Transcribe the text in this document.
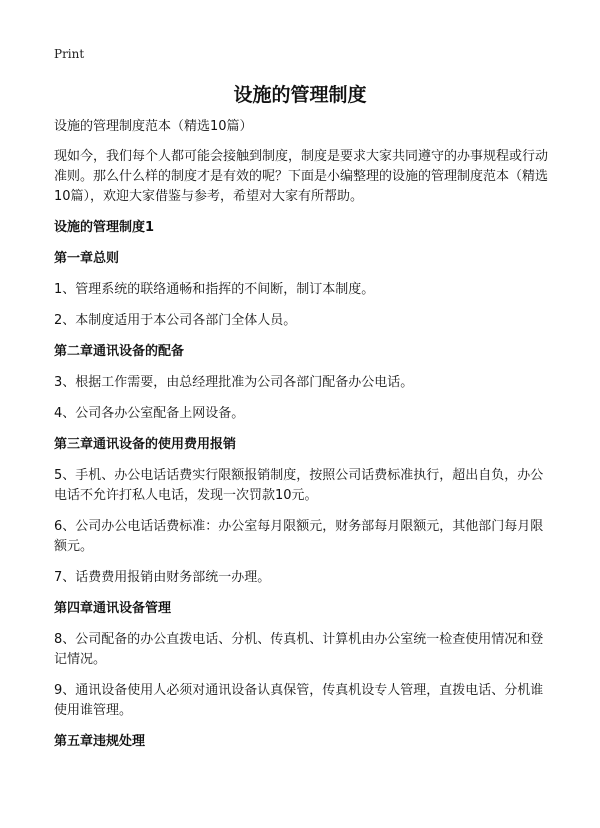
Print
设施的管理制度

设施的管理制度范本（精选10篇）

现如今，我们每个人都可能会接触到制度，制度是要求大家共同遵守的办事规程或行动准则。那么什么样的制度才是有效的呢？下面是小编整理的设施的管理制度范本（精选10篇），欢迎大家借鉴与参考，希望对大家有所帮助。

设施的管理制度1

第一章总则

1、管理系统的联络通畅和指挥的不间断，制订本制度。

2、本制度适用于本公司各部门全体人员。

第二章通讯设备的配备

3、根据工作需要，由总经理批准为公司各部门配备办公电话。

4、公司各办公室配备上网设备。

第三章通讯设备的使用费用报销

5、手机、办公电话话费实行限额报销制度，按照公司话费标准执行，超出自负，办公电话不允许打私人电话，发现一次罚款10元。

6、公司办公电话话费标准：办公室每月限额元，财务部每月限额元，其他部门每月限额元。

7、话费费用报销由财务部统一办理。

第四章通讯设备管理

8、公司配备的办公直拨电话、分机、传真机、计算机由办公室统一检查使用情况和登记情况。

9、通讯设备使用人必须对通讯设备认真保管，传真机设专人管理，直拨电话、分机谁使用谁管理。

第五章违规处理
